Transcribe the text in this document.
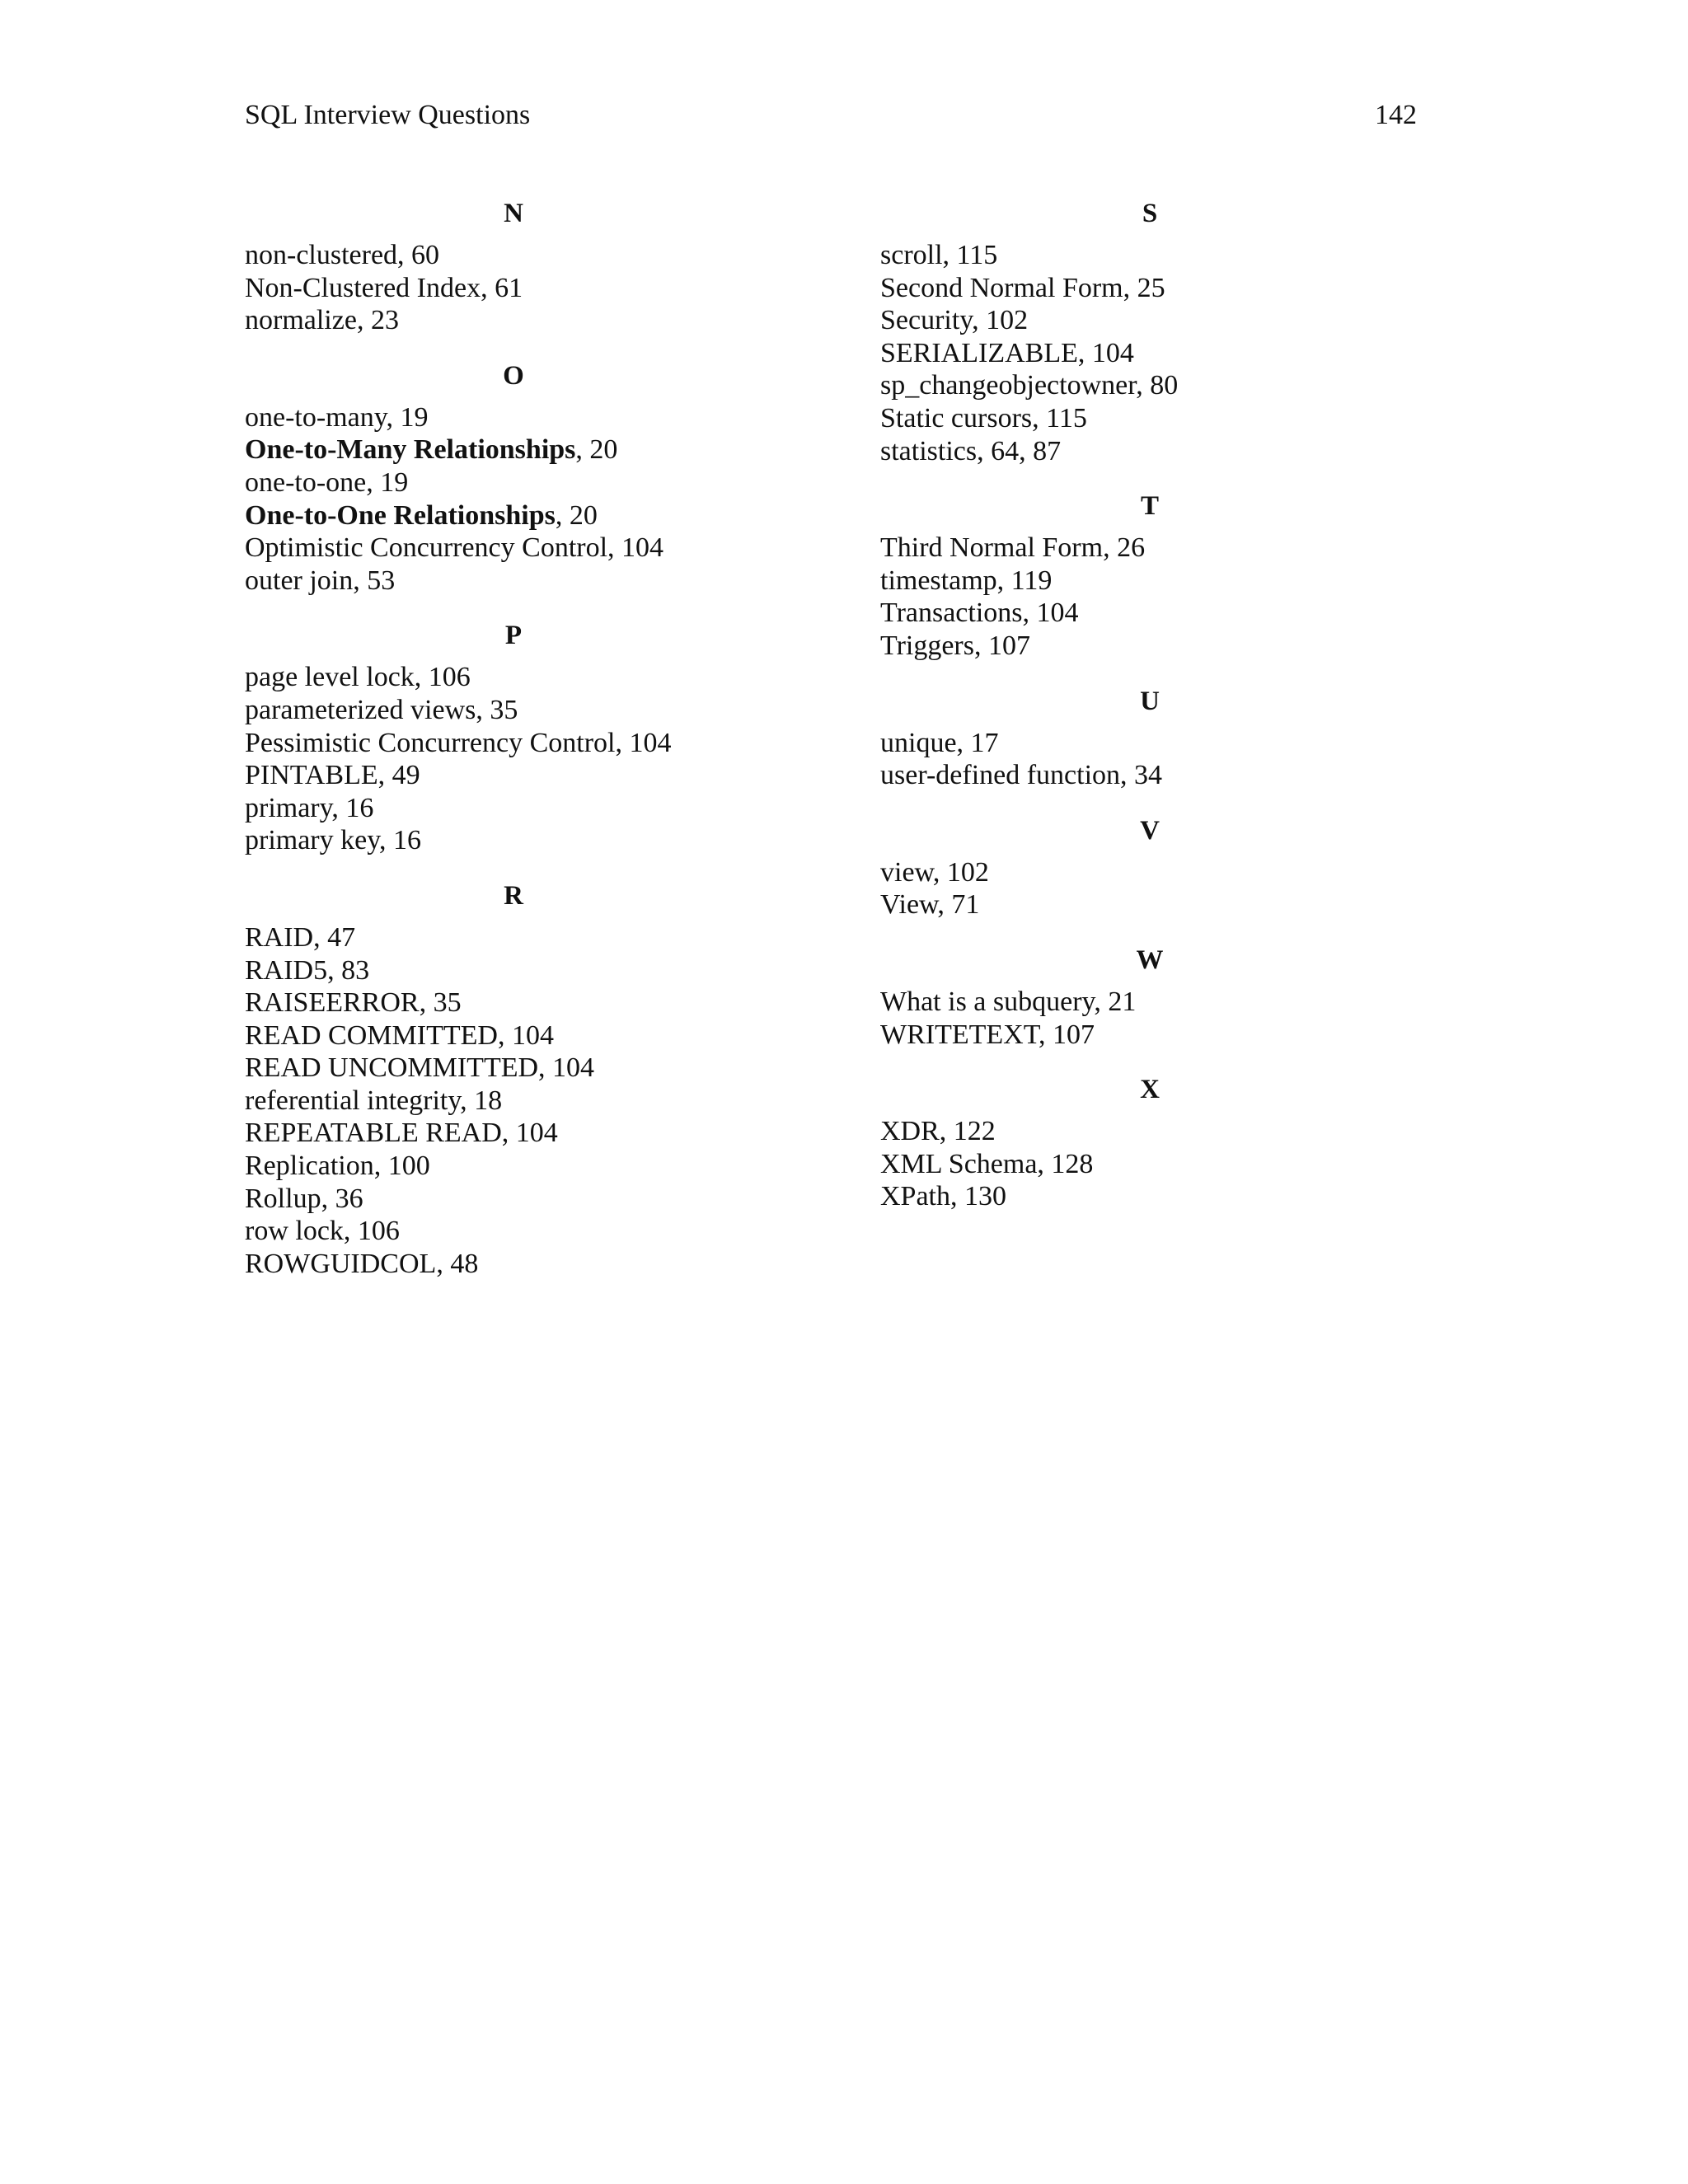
SQL Interview Questions	142
N
non-clustered, 60
Non-Clustered Index, 61
normalize, 23
O
one-to-many, 19
One-to-Many Relationships, 20
one-to-one, 19
One-to-One Relationships, 20
Optimistic Concurrency Control, 104
outer join, 53
P
page level lock, 106
parameterized views, 35
Pessimistic Concurrency Control, 104
PINTABLE, 49
primary, 16
primary key, 16
R
RAID, 47
RAID5, 83
RAISEERROR, 35
READ COMMITTED, 104
READ UNCOMMITTED, 104
referential integrity, 18
REPEATABLE READ, 104
Replication, 100
Rollup, 36
row lock, 106
ROWGUIDCOL, 48
S
scroll, 115
Second Normal Form, 25
Security, 102
SERIALIZABLE, 104
sp_changeobjectowner, 80
Static cursors, 115
statistics, 64, 87
T
Third Normal Form, 26
timestamp, 119
Transactions, 104
Triggers, 107
U
unique, 17
user-defined function, 34
V
view, 102
View, 71
W
What is a subquery, 21
WRITETEXT, 107
X
XDR, 122
XML Schema, 128
XPath, 130
